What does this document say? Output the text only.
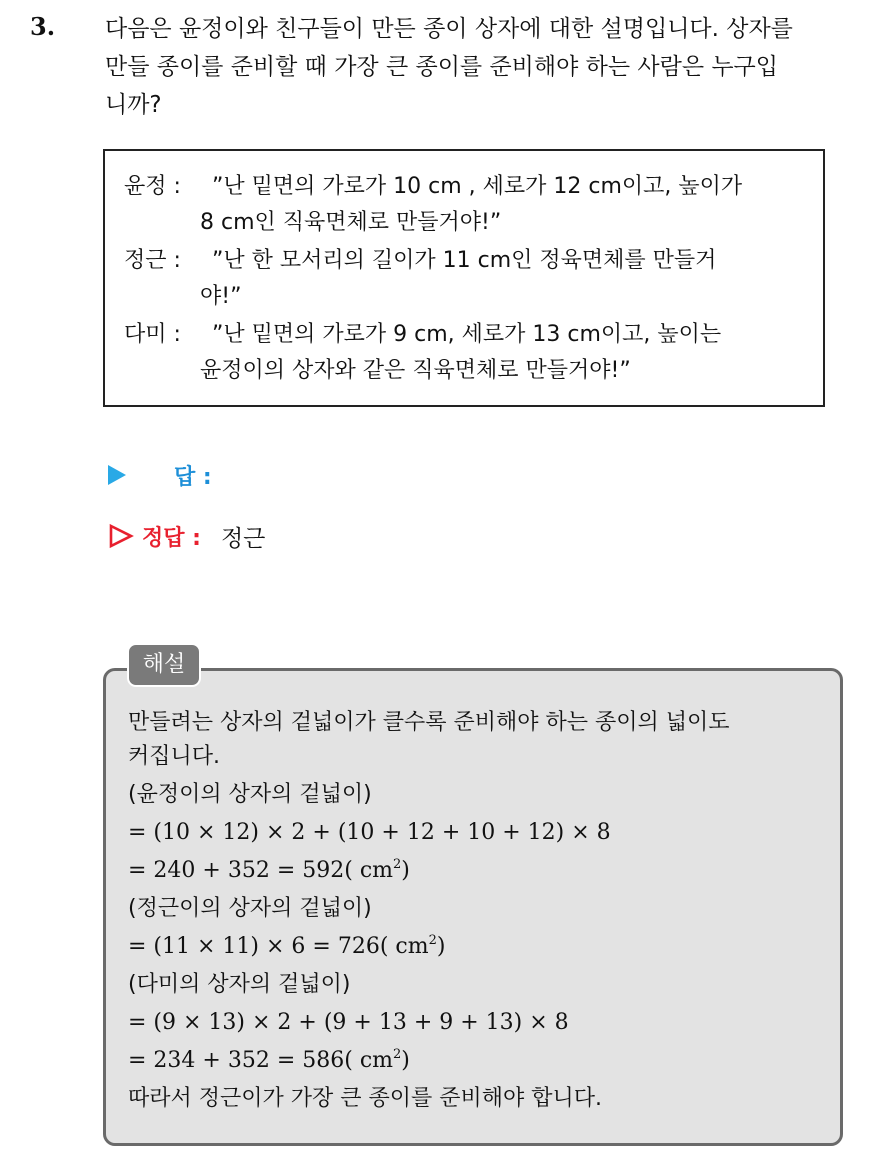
3. 다음은 윤정이와 친구들이 만든 종이 상자에 대한 설명입니다. 상자를
만들 종이를 준비할 때 가장 큰 종이를 준비해야 하는 사람은 누구입
니까?
윤정 : ”난 밑면의 가로가 10 cm , 세로가 12 cm이고, 높이가
8 cm인 직육면체로 만들거야!”
정근 : ”난 한 모서리의 길이가 11 cm인 정육면체를 만들거
야!”
다미 : ”난 밑면의 가로가 9 cm, 세로가 13 cm이고, 높이는
윤정이의 상자와 같은 직육면체로 만들거야!”
답 :
정답 : 정근
만들려는 상자의 겉넓이가 클수록 준비해야 하는 종이의 넓이도
커집니다.
(윤정이의 상자의 겉넓이)
= (10 × 12) × 2 + (10 + 12 + 10 + 12) × 8
= 240 + 352 = 592( $cm^2$)
(정근이의 상자의 겉넓이)
= (11 × 11) × 6 = 726( $cm^2$)
(다미의 상자의 겉넓이)
= (9 × 13) × 2 + (9 + 13 + 9 + 13) × 8
= 234 + 352 = 586( $cm^2$)
따라서 정근이가 가장 큰 종이를 준비해야 합니다.
해설
